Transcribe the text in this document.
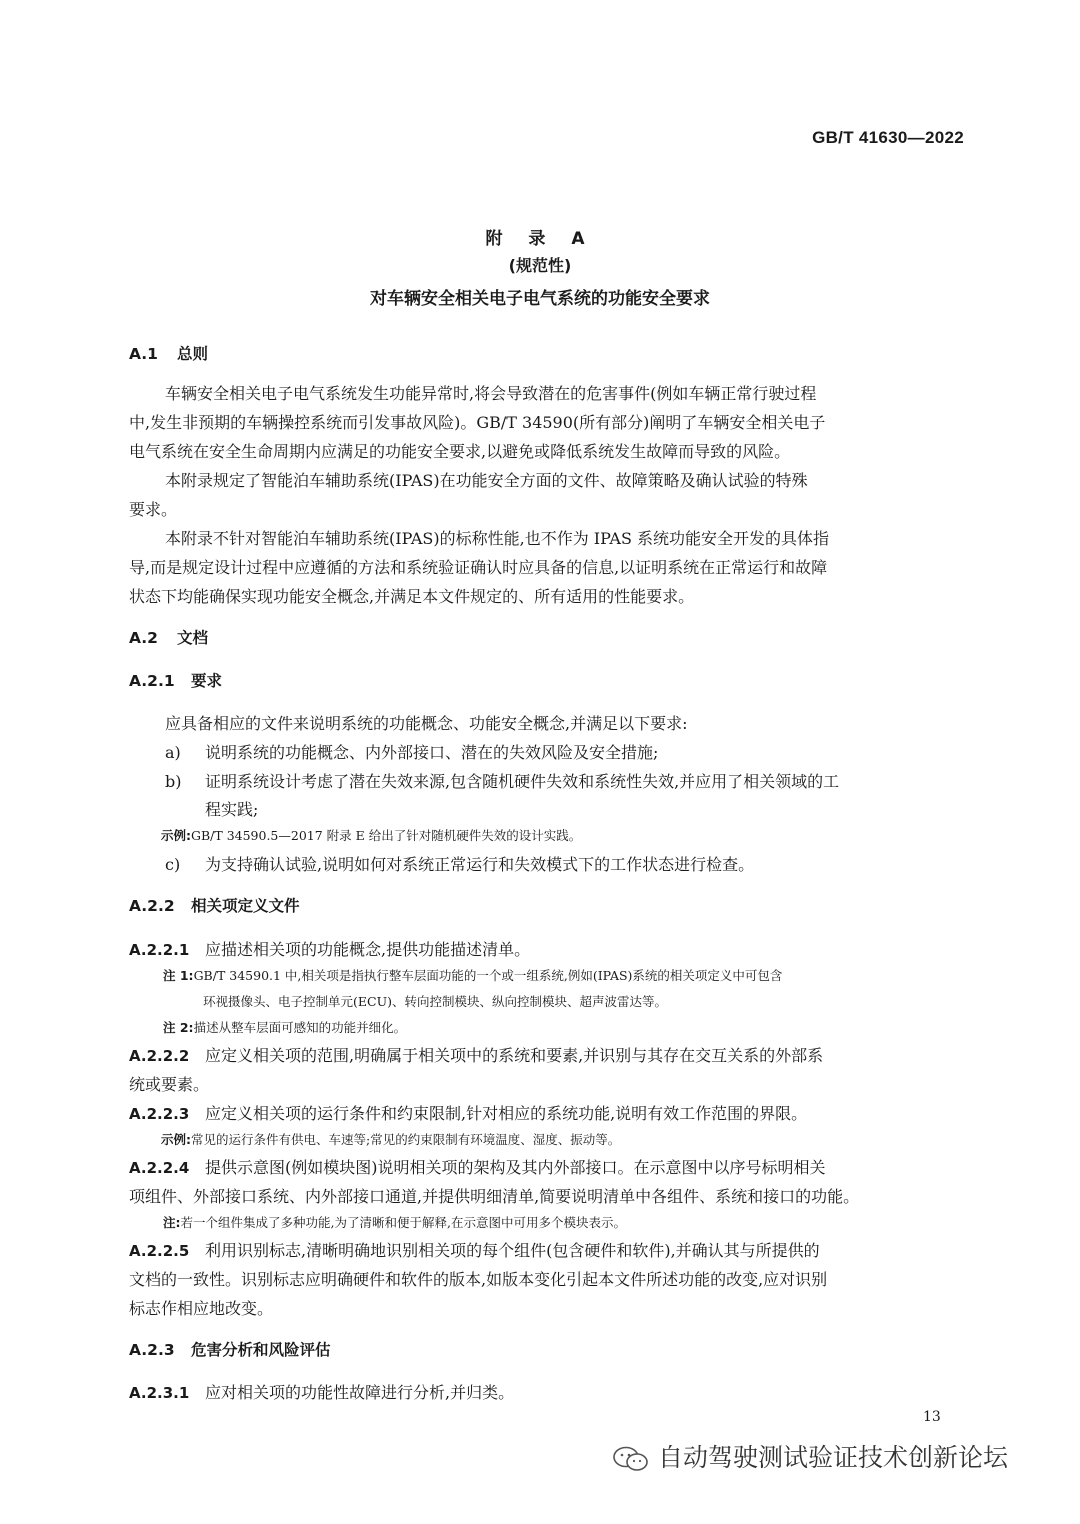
GB/T 41630—2022
附 录 A
(规范性)
对车辆安全相关电子电气系统的功能安全要求
A.1 总则
车辆安全相关电子电气系统发生功能异常时,将会导致潜在的危害事件(例如车辆正常行驶过程
中,发生非预期的车辆操控系统而引发事故风险)。GB/T 34590(所有部分)阐明了车辆安全相关电子
电气系统在安全生命周期内应满足的功能安全要求,以避免或降低系统发生故障而导致的风险。
本附录规定了智能泊车辅助系统(IPAS)在功能安全方面的文件、故障策略及确认试验的特殊
要求。
本附录不针对智能泊车辅助系统(IPAS)的标称性能,也不作为 IPAS 系统功能安全开发的具体指
导,而是规定设计过程中应遵循的方法和系统验证确认时应具备的信息,以证明系统在正常运行和故障
状态下均能确保实现功能安全概念,并满足本文件规定的、所有适用的性能要求。
A.2 文档
A.2.1 要求
应具备相应的文件来说明系统的功能概念、功能安全概念,并满足以下要求:
a) 说明系统的功能概念、内外部接口、潜在的失效风险及安全措施;
b) 证明系统设计考虑了潜在失效来源,包含随机硬件失效和系统性失效,并应用了相关领域的工
程实践;
示例:GB/T 34590.5—2017 附录 E 给出了针对随机硬件失效的设计实践。
c) 为支持确认试验,说明如何对系统正常运行和失效模式下的工作状态进行检查。
A.2.2 相关项定义文件
A.2.2.1 应描述相关项的功能概念,提供功能描述清单。
注 1:GB/T 34590.1 中,相关项是指执行整车层面功能的一个或一组系统,例如(IPAS)系统的相关项定义中可包含
环视摄像头、电子控制单元(ECU)、转向控制模块、纵向控制模块、超声波雷达等。
注 2:描述从整车层面可感知的功能并细化。
A.2.2.2 应定义相关项的范围,明确属于相关项中的系统和要素,并识别与其存在交互关系的外部系
统或要素。
A.2.2.3 应定义相关项的运行条件和约束限制,针对相应的系统功能,说明有效工作范围的界限。
示例:常见的运行条件有供电、车速等;常见的约束限制有环境温度、湿度、振动等。
A.2.2.4 提供示意图(例如模块图)说明相关项的架构及其内外部接口。在示意图中以序号标明相关
项组件、外部接口系统、内外部接口通道,并提供明细清单,简要说明清单中各组件、系统和接口的功能。
注:若一个组件集成了多种功能,为了清晰和便于解释,在示意图中可用多个模块表示。
A.2.2.5 利用识别标志,清晰明确地识别相关项的每个组件(包含硬件和软件),并确认其与所提供的
文档的一致性。识别标志应明确硬件和软件的版本,如版本变化引起本文件所述功能的改变,应对识别
标志作相应地改变。
A.2.3 危害分析和风险评估
A.2.3.1 应对相关项的功能性故障进行分析,并归类。
13
自动驾驶测试验证技术创新论坛
